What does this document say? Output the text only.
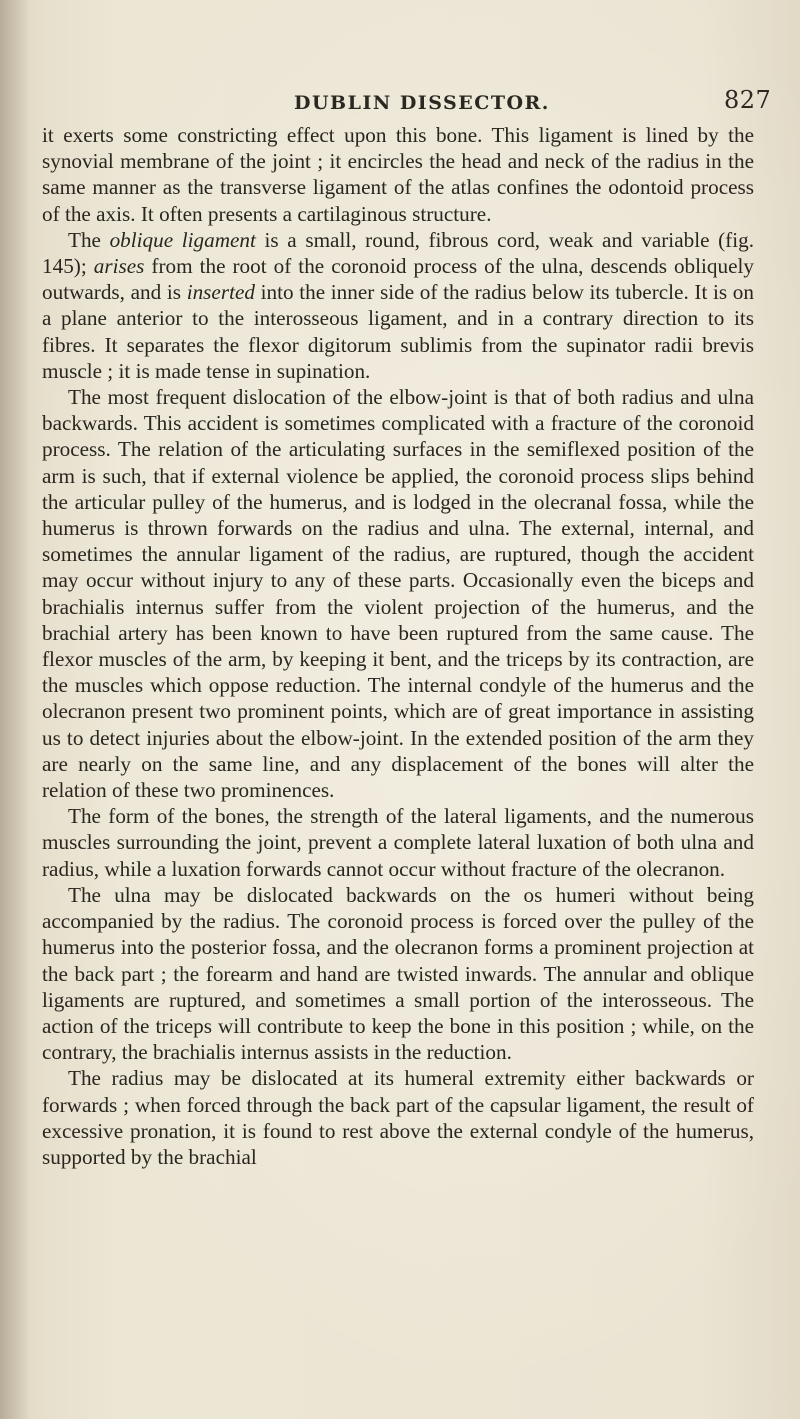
DUBLIN DISSECTOR.	827

it exerts some constricting effect upon this bone. This ligament is lined by the synovial membrane of the joint ; it encircles the head and neck of the radius in the same manner as the transverse ligament of the atlas confines the odontoid process of the axis. It often presents a cartilaginous structure.

The oblique ligament is a small, round, fibrous cord, weak and variable (fig. 145); arises from the root of the coronoid process of the ulna, descends obliquely outwards, and is inserted into the inner side of the radius below its tubercle. It is on a plane anterior to the interosseous ligament, and in a contrary direction to its fibres. It separates the flexor digitorum sublimis from the supinator radii brevis muscle ; it is made tense in supination.

The most frequent dislocation of the elbow-joint is that of both radius and ulna backwards. This accident is sometimes complicated with a fracture of the coronoid process. The relation of the articulating surfaces in the semiflexed position of the arm is such, that if external violence be applied, the coronoid process slips behind the articular pulley of the humerus, and is lodged in the olecranal fossa, while the humerus is thrown forwards on the radius and ulna. The external, internal, and sometimes the annular ligament of the radius, are ruptured, though the accident may occur without injury to any of these parts. Occasionally even the biceps and brachialis internus suffer from the violent projection of the humerus, and the brachial artery has been known to have been ruptured from the same cause. The flexor muscles of the arm, by keeping it bent, and the triceps by its contraction, are the muscles which oppose reduction. The internal condyle of the humerus and the olecranon present two prominent points, which are of great importance in assisting us to detect injuries about the elbow-joint. In the extended position of the arm they are nearly on the same line, and any displacement of the bones will alter the relation of these two prominences.

The form of the bones, the strength of the lateral ligaments, and the numerous muscles surrounding the joint, prevent a complete lateral luxation of both ulna and radius, while a luxation forwards cannot occur without fracture of the olecranon.

The ulna may be dislocated backwards on the os humeri without being accompanied by the radius. The coronoid process is forced over the pulley of the humerus into the posterior fossa, and the olecranon forms a prominent projection at the back part ; the forearm and hand are twisted inwards. The annular and oblique ligaments are ruptured, and sometimes a small portion of the interosseous. The action of the triceps will contribute to keep the bone in this position ; while, on the contrary, the brachialis internus assists in the reduction.

The radius may be dislocated at its humeral extremity either backwards or forwards ; when forced through the back part of the capsular ligament, the result of excessive pronation, it is found to rest above the external condyle of the humerus, supported by the brachial
